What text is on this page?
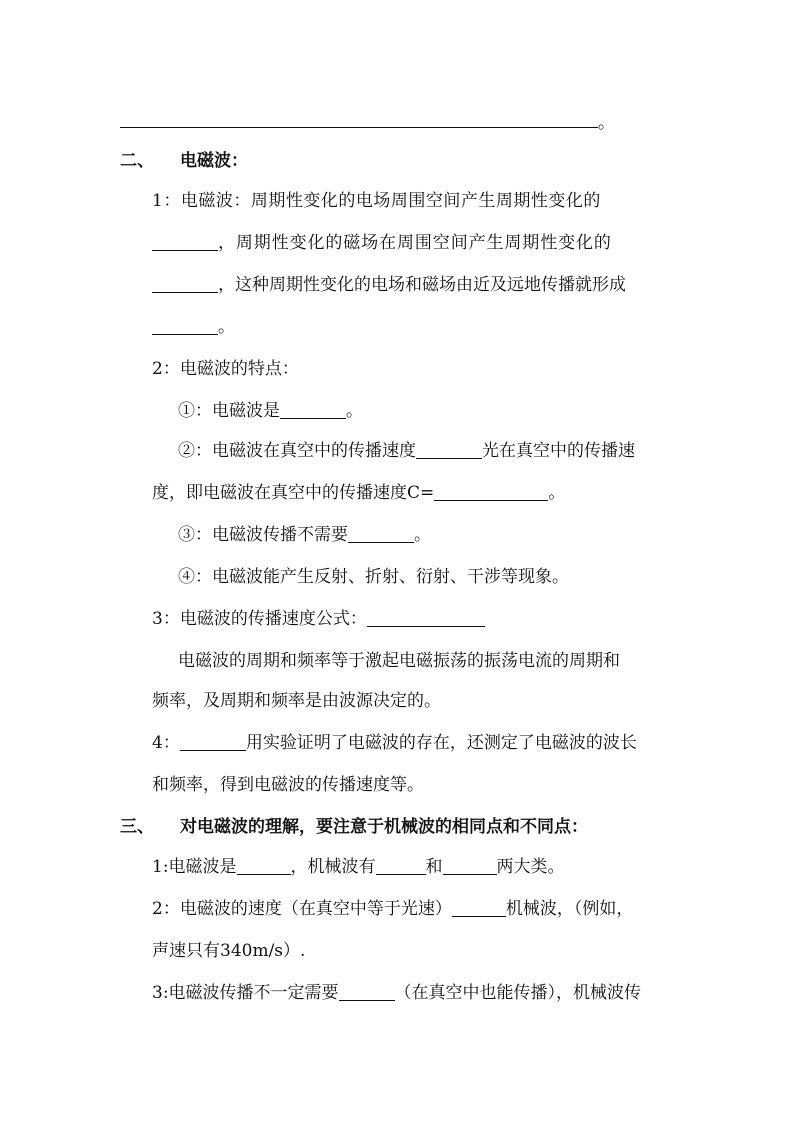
。
二、 电磁波：
1：电磁波：周期性变化的电场周围空间产生周期性变化的
，周期性变化的磁场在周围空间产生周期性变化的
，这种周期性变化的电场和磁场由近及远地传播就形成
。
2：电磁波的特点：
①：电磁波是	。
②：电磁波在真空中的传播速度	光在真空中的传播速
度，即电磁波在真空中的传播速度C=	。
③：电磁波传播不需要	。
④：电磁波能产生反射、折射、衍射、干涉等现象。
3：电磁波的传播速度公式：
电磁波的周期和频率等于激起电磁振荡的振荡电流的周期和
频率，及周期和频率是由波源决定的。
4：	用实验证明了电磁波的存在，还测定了电磁波的波长
和频率，得到电磁波的传播速度等。
三、 对电磁波的理解，要注意于机械波的相同点和不同点：
1:电磁波是	，机械波有	和	两大类。
2：电磁波的速度（在真空中等于光速）	机械波，（例如，
声速只有340m/s）.
3:电磁波传播不一定需要	（在真空中也能传播），机械波传
